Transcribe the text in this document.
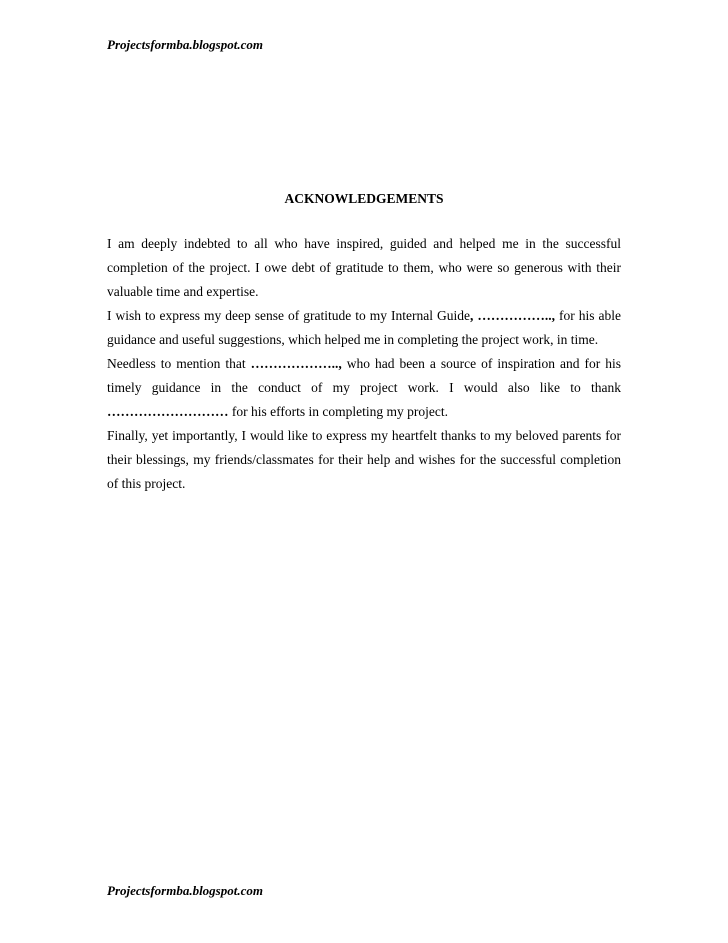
Projectsformba.blogspot.com
ACKNOWLEDGEMENTS

I am deeply indebted to all who have inspired, guided and helped me in the successful completion of the project. I owe debt of gratitude to them, who were so generous with their valuable time and expertise.

I wish to express my deep sense of gratitude to my Internal Guide, …………….., for his able guidance and useful suggestions, which helped me in completing the project work, in time.

Needless to mention that ……………….., who had been a source of inspiration and for his timely guidance in the conduct of my project work. I would also like to thank ……………………… for his efforts in completing my project.

Finally, yet importantly, I would like to express my heartfelt thanks to my beloved parents for their blessings, my friends/classmates for their help and wishes for the successful completion of this project.

Projectsformba.blogspot.com
